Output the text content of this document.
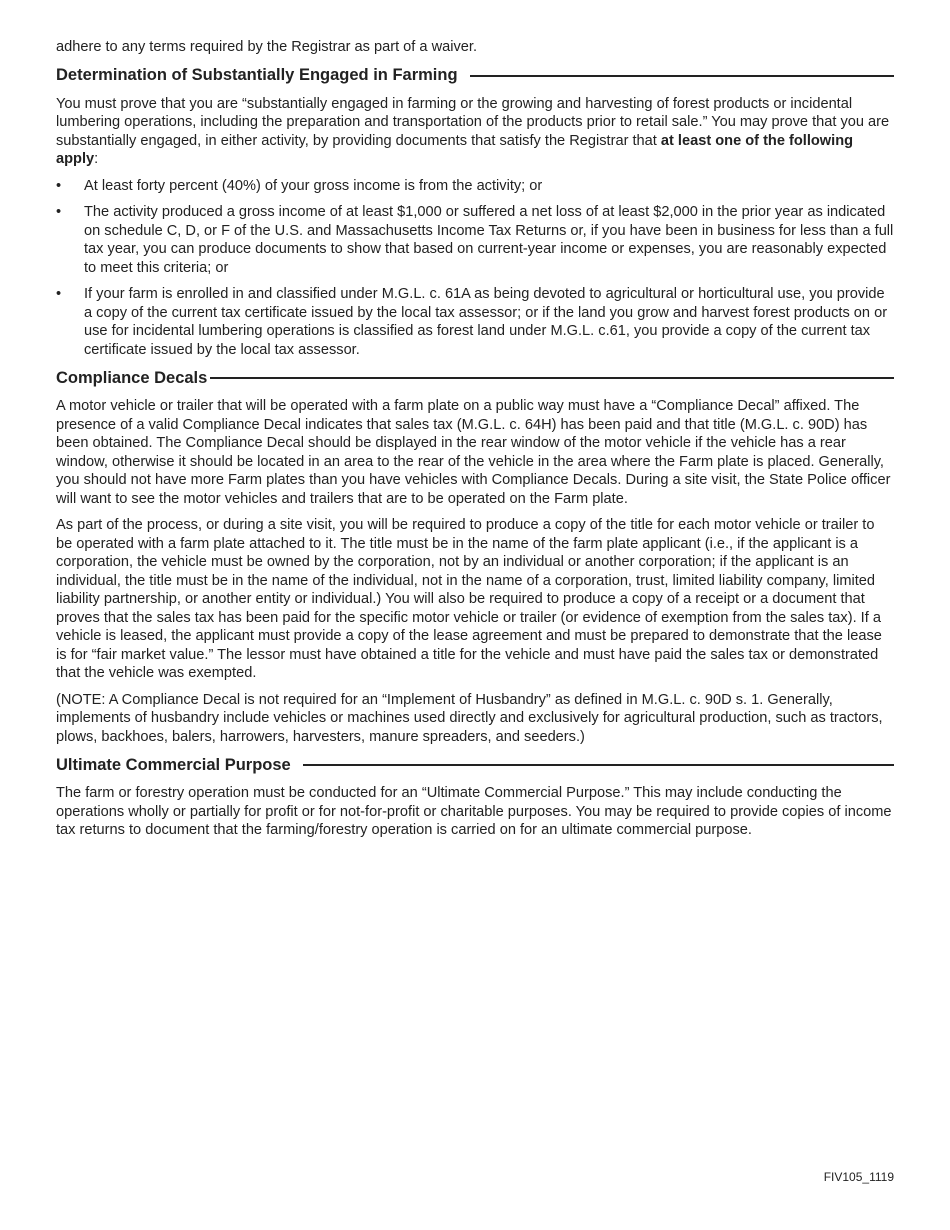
adhere to any terms required by the Registrar as part of a waiver.

Determination of Substantially Engaged in Farming

You must prove that you are “substantially engaged in farming or the growing and harvesting of forest products or incidental lumbering operations, including the preparation and transportation of the products prior to retail sale.” You may prove that you are substantially engaged, in either activity, by providing documents that satisfy the Registrar that at least one of the following apply:

• At least forty percent (40%) of your gross income is from the activity; or
• The activity produced a gross income of at least $1,000 or suffered a net loss of at least $2,000 in the prior year as indicated on schedule C, D, or F of the U.S. and Massachusetts Income Tax Returns or, if you have been in business for less than a full tax year, you can produce documents to show that based on current-year income or expenses, you are reasonably expected to meet this criteria; or
• If your farm is enrolled in and classified under M.G.L. c. 61A as being devoted to agricultural or horticultural use, you provide a copy of the current tax certificate issued by the local tax assessor; or if the land you grow and harvest forest products on or use for incidental lumbering operations is classified as forest land under M.G.L. c.61, you provide a copy of the current tax certificate issued by the local tax assessor.
Compliance Decals

A motor vehicle or trailer that will be operated with a farm plate on a public way must have a “Compliance Decal” affixed. The presence of a valid Compliance Decal indicates that sales tax (M.G.L. c. 64H) has been paid and that title (M.G.L. c. 90D) has been obtained. The Compliance Decal should be displayed in the rear window of the motor vehicle if the vehicle has a rear window, otherwise it should be located in an area to the rear of the vehicle in the area where the Farm plate is placed. Generally, you should not have more Farm plates than you have vehicles with Compliance Decals. During a site visit, the State Police officer will want to see the motor vehicles and trailers that are to be operated on the Farm plate.

As part of the process, or during a site visit, you will be required to produce a copy of the title for each motor vehicle or trailer to be operated with a farm plate attached to it. The title must be in the name of the farm plate applicant (i.e., if the applicant is a corporation, the vehicle must be owned by the corporation, not by an individual or another corporation; if the applicant is an individual, the title must be in the name of the individual, not in the name of a corporation, trust, limited liability company, limited liability partnership, or another entity or individual.) You will also be required to produce a copy of a receipt or a document that proves that the sales tax has been paid for the specific motor vehicle or trailer (or evidence of exemption from the sales tax). If a vehicle is leased, the applicant must provide a copy of the lease agreement and must be prepared to demonstrate that the lease is for “fair market value.” The lessor must have obtained a title for the vehicle and must have paid the sales tax or demonstrated that the vehicle was exempted.

(NOTE: A Compliance Decal is not required for an “Implement of Husbandry” as defined in M.G.L. c. 90D s. 1. Generally, implements of husbandry include vehicles or machines used directly and exclusively for agricultural production, such as tractors, plows, backhoes, balers, harrowers, harvesters, manure spreaders, and seeders.)

Ultimate Commercial Purpose

The farm or forestry operation must be conducted for an “Ultimate Commercial Purpose.” This may include conducting the operations wholly or partially for profit or for not-for-profit or charitable purposes. You may be required to provide copies of income tax returns to document that the farming/forestry operation is carried on for an ultimate commercial purpose.

FIV105_1119
